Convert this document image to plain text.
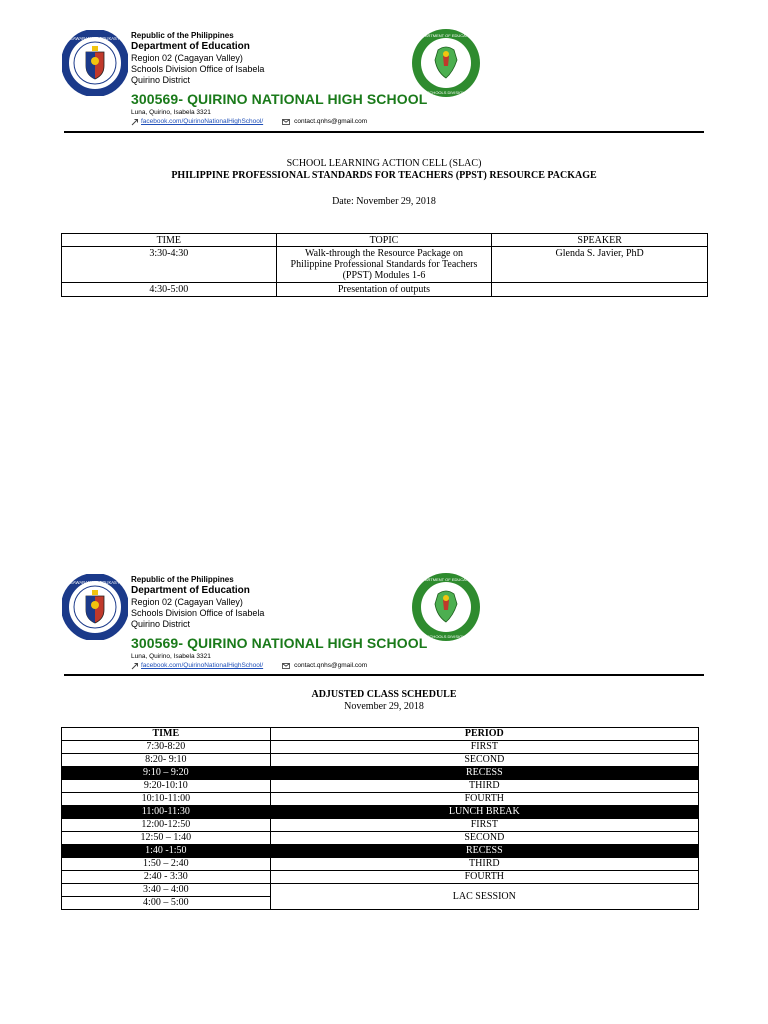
KAGAWARAN NG EDUKASYON Republic of the Philippines
Department of Education
Region 02 (Cagayan Valley)
Schools Division Office of Isabela
Quirino District
300569- QUIRINO NATIONAL HIGH SCHOOL
Luna, Quirino, Isabela 3321
facebook.com/QuirinoNationalHighSchool/	contact.qnhs@gmail.com
DEPARTMENT OF EDUCATION
SCHOOLS DIVISION
SCHOOL LEARNING ACTION CELL (SLAC)
PHILIPPINE PROFESSIONAL STANDARDS FOR TEACHERS (PPST) RESOURCE PACKAGE
Date: November 29, 2018
TIME	TOPIC	SPEAKER
3:30-4:30	Walk-through the Resource Package on
Philippine Professional Standards for Teachers
(PPST) Modules 1-6	Glenda S. Javier, PhD
4:30-5:00	Presentation of outputs	

KAGAWARAN NG EDUKASYON Republic of the Philippines
Department of Education
Region 02 (Cagayan Valley)
Schools Division Office of Isabela
Quirino District
300569- QUIRINO NATIONAL HIGH SCHOOL
Luna, Quirino, Isabela 3321
facebook.com/QuirinoNationalHighSchool/	contact.qnhs@gmail.com
DEPARTMENT OF EDUCATION
SCHOOLS DIVISION
ADJUSTED CLASS SCHEDULE
November 29, 2018
TIME	PERIOD
7:30-8:20	FIRST
8:20- 9:10	SECOND
9:10 – 9:20	RECESS
9:20-10:10	THIRD
10:10-11:00	FOURTH
11:00-11:30	LUNCH BREAK
12:00-12:50	FIRST
12:50 – 1:40	SECOND
1:40 -1:50	RECESS
1:50 – 2:40	THIRD
2:40 - 3:30	FOURTH
3:40 – 4:00	LAC SESSION
4:00 – 5:00	
